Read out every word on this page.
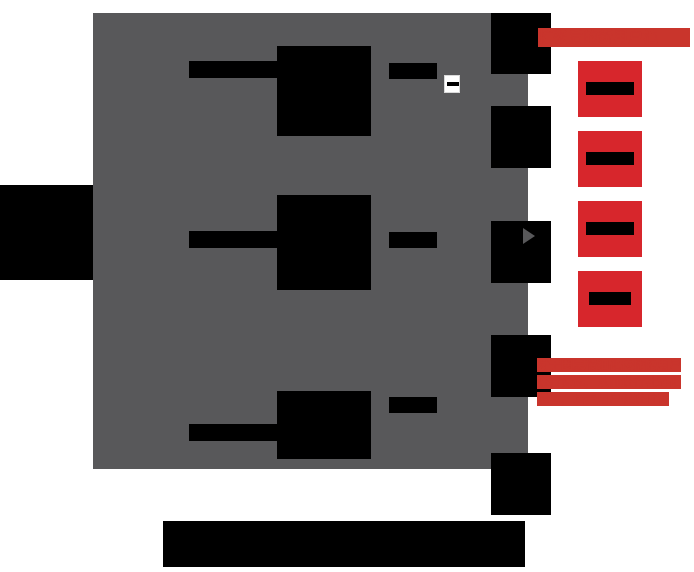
扩张后的新用户池
对于圈层精细化传播的用户进行筛选，从而进行社群化运营，培养用户促进付费
